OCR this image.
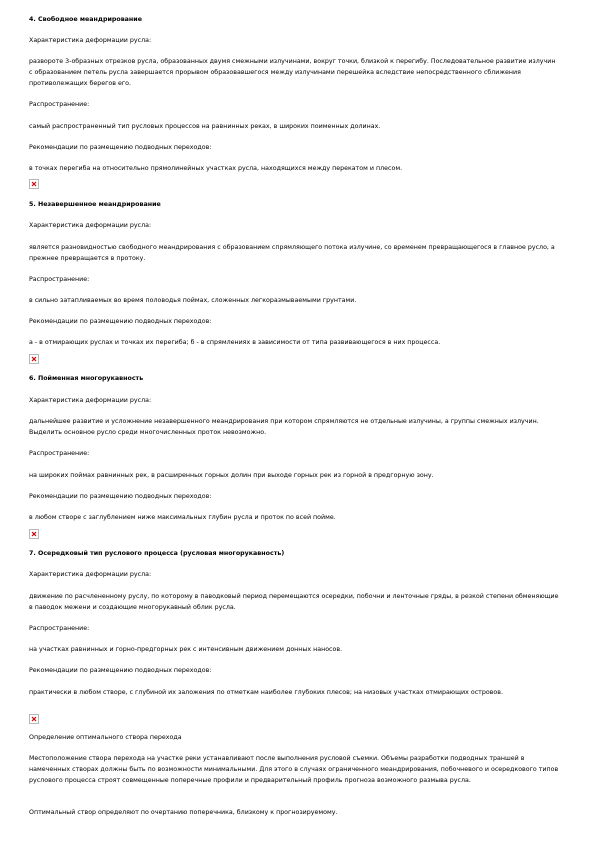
4. Свободное меандрирование

Характеристика деформации русла:

развороте 3-образных отрезков русла, образованных двумя смежными излучинами, вокруг точки, близкой к перегибу. Последовательное развитие излучин с образованием петель русла завершается прорывом образовавшегося между излучинами перешейка вследствие непосредственного сближения противолежащих берегов его.

Распространение:

самый распространенный тип русловых процессов на равнинных реках, в широких поименных долинах.

Рекомендации по размещению подводных переходов:

в точках перегиба на относительно прямолинейных участках русла, находящихся между перекатом и плесом.

5. Незавершенное меандрирование

Характеристика деформации русла:

является разновидностью свободного меандрирования с образованием спрямляющего потока излучине, со временем превращающегося в главное русло, а прежнее превращается в протоку.

Распространение:

в сильно затапливаемых во время половодья поймах, сложенных легкоразмываемыми грунтами.

Рекомендации по размещению подводных переходов:

а - в отмирающих руслах и точках их перегиба; б - в спрямлениях в зависимости от типа развивающегося в них процесса.

6. Пойменная многорукавность

Характеристика деформации русла:

дальнейшее развитие и усложнение незавершенного меандрирования при котором спрямляются не отдельные излучины, а группы смежных излучин. Выделить основное русло среди многочисленных проток невозможно.

Распространение:

на широких поймах равнинных рек, в расширенных горных долин при выходе горных рек из горной в предгорную зону.

Рекомендации по размещению подводных переходов:

в любом створе с заглублением ниже максимальных глубин русла и проток по всей пойме.

7. Осередковый тип руслового процесса (русловая многорукавность)

Характеристика деформации русла:

движение по расчлененному руслу, по которому в паводковый период перемещаются осередки, побочни и ленточные гряды, в резкой степени обменяющие в паводок межени и создающие многорукавный облик русла.

Распространение:

на участках равнинных и горно-предгорных рек с интенсивным движением донных наносов.

Рекомендации по размещению подводных переходов:

практически в любом створе, с глубиной их заложения по отметкам наиболее глубоких плесов; на низовых участках отмирающих островов.

Определение оптимального створа перехода

Местоположение створа перехода на участке реки устанавливают после выполнения русловой съемки. Объемы разработки подводных траншей в намеченных створах должны быть по возможности минимальными. Для этого в случаях ограниченного меандрирования, побочневого и осередкового типов руслового процесса строят совмещенные поперечные профили и предварительный профиль прогноза возможного размыва русла.

Оптимальный створ определяют по очертанию поперечника, близкому к прогнозируемому.
